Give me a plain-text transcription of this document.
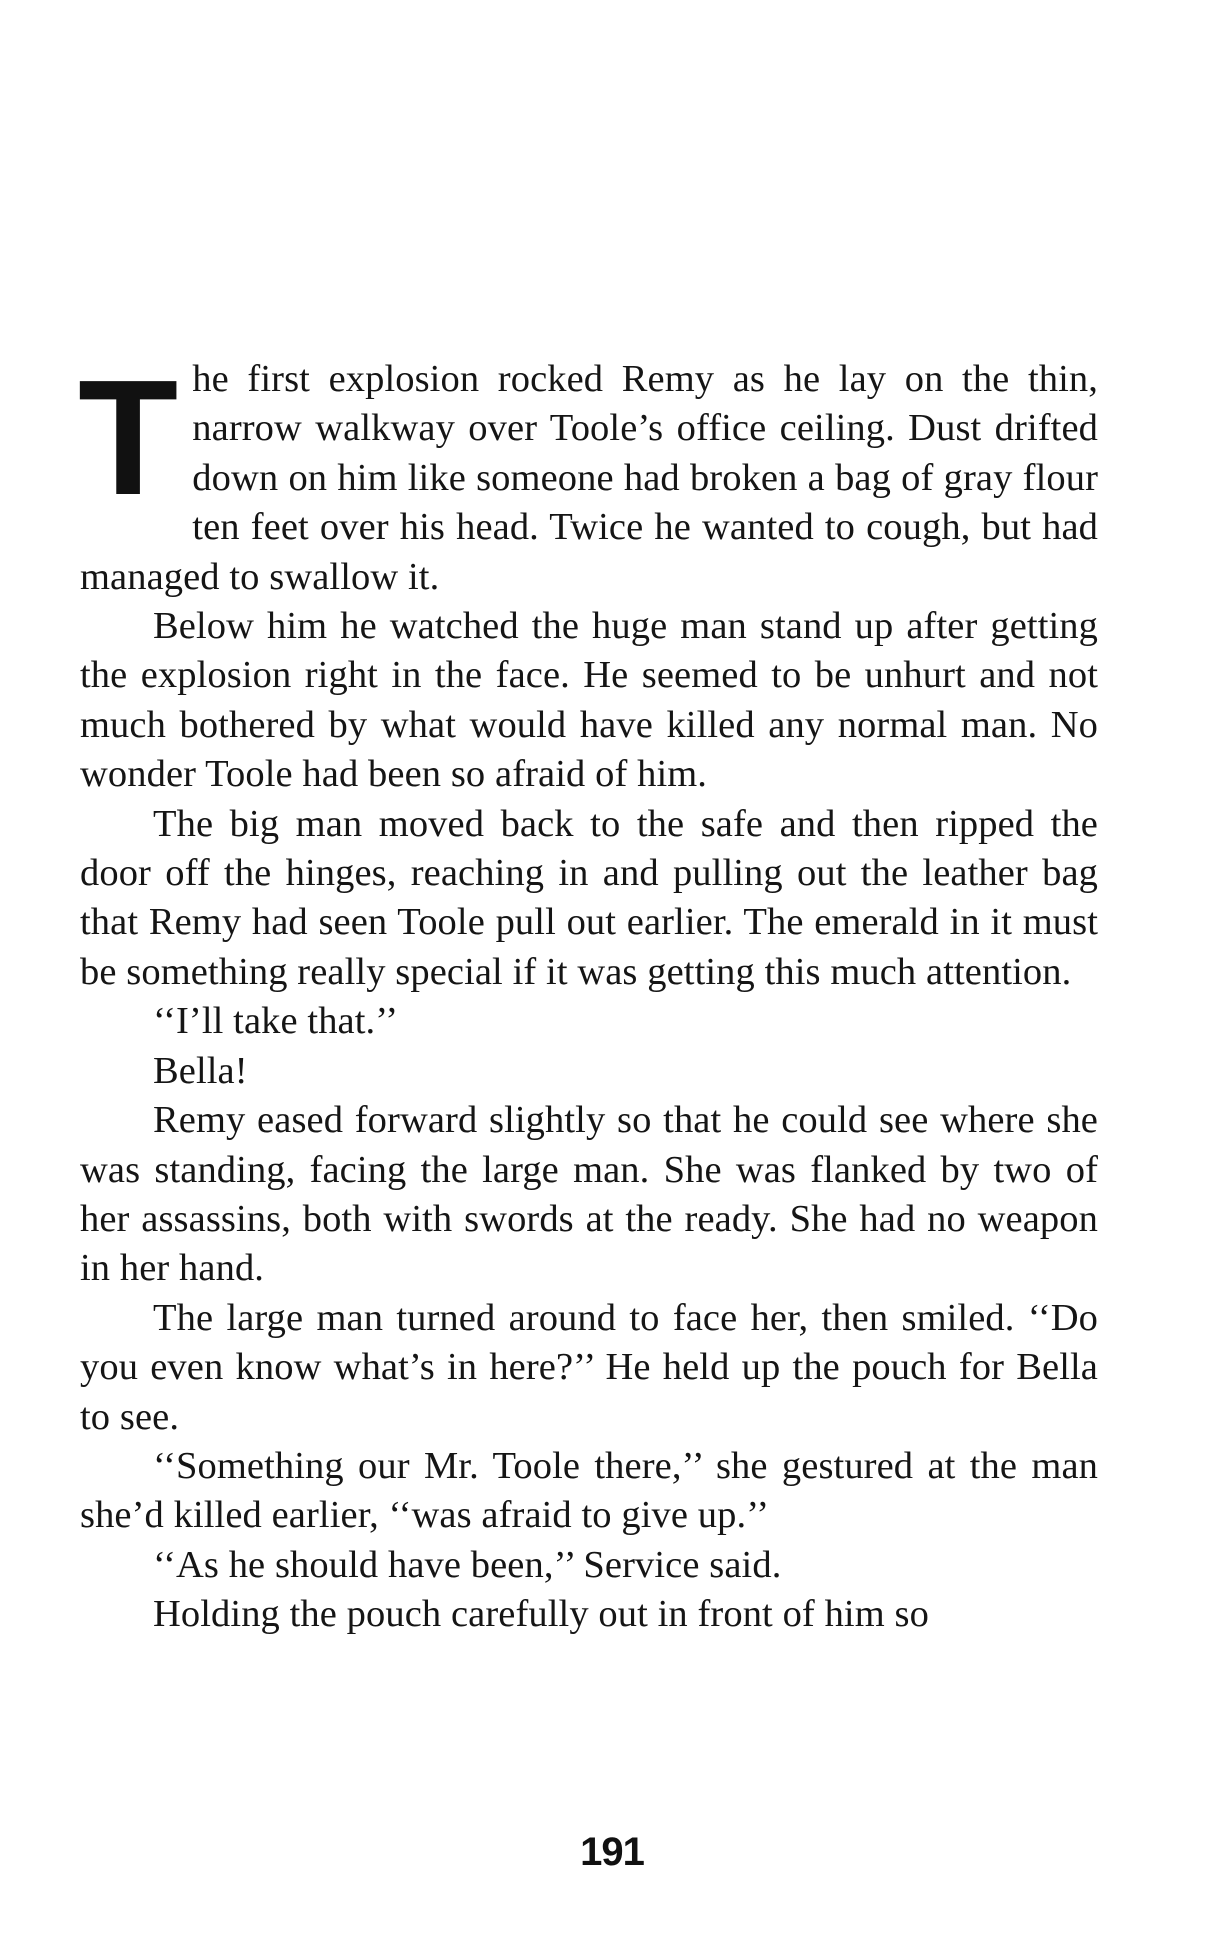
The first explosion rocked Remy as he lay on the thin, narrow walkway over Toole’s office ceiling. Dust drifted down on him like someone had broken a bag of gray flour ten feet over his head. Twice he wanted to cough, but had managed to swallow it.

Below him he watched the huge man stand up after getting the explosion right in the face. He seemed to be unhurt and not much bothered by what would have killed any normal man. No wonder Toole had been so afraid of him.

The big man moved back to the safe and then ripped the door off the hinges, reaching in and pulling out the leather bag that Remy had seen Toole pull out earlier. The emerald in it must be something really special if it was getting this much attention.

‘‘I’ll take that.’’

Bella!

Remy eased forward slightly so that he could see where she was standing, facing the large man. She was flanked by two of her assassins, both with swords at the ready. She had no weapon in her hand.

The large man turned around to face her, then smiled. ‘‘Do you even know what’s in here?’’ He held up the pouch for Bella to see.

‘‘Something our Mr. Toole there,’’ she gestured at the man she’d killed earlier, ‘‘was afraid to give up.’’

‘‘As he should have been,’’ Service said.

Holding the pouch carefully out in front of him so

191
